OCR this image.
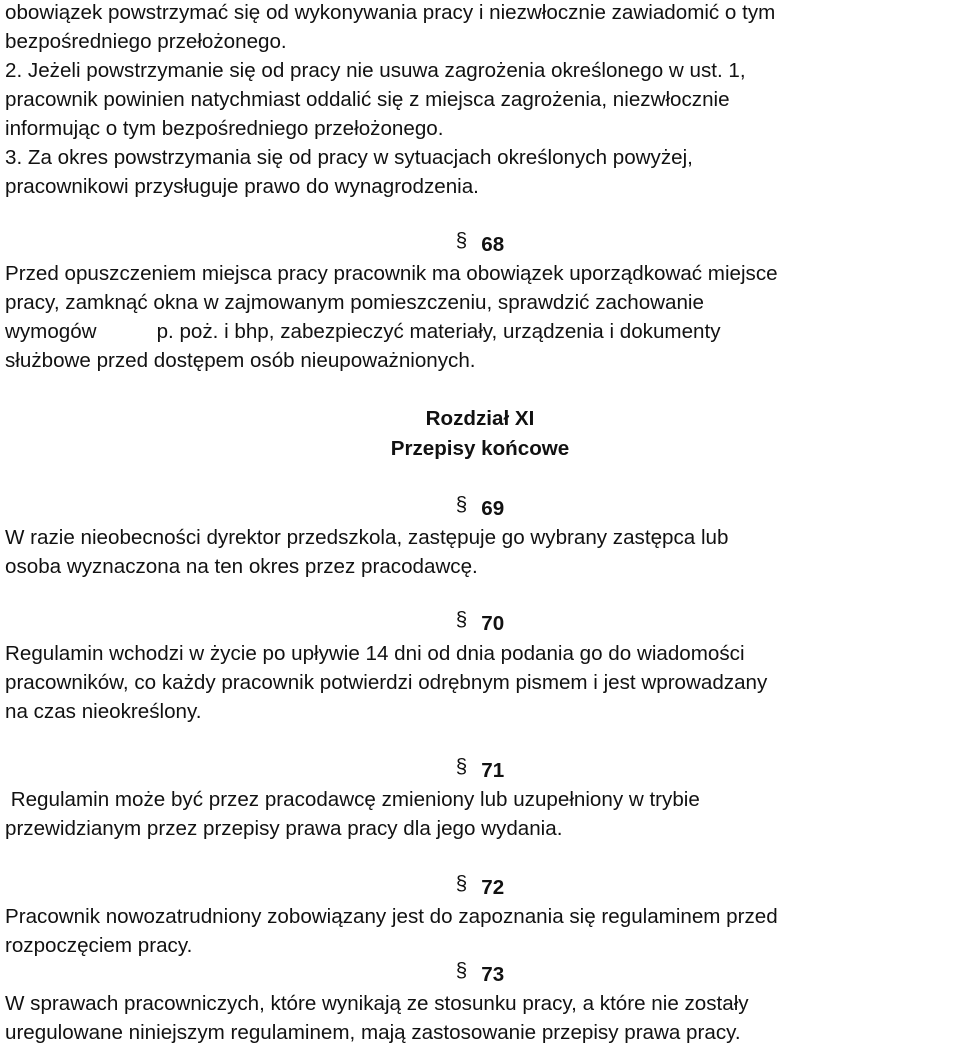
obowiązek powstrzymać się od wykonywania pracy i niezwłocznie zawiadomić o tym
bezpośredniego przełożonego.
2. Jeżeli powstrzymanie się od pracy nie usuwa zagrożenia określonego w ust. 1,
pracownik powinien natychmiast oddalić się z miejsca zagrożenia, niezwłocznie
informując o tym bezpośredniego przełożonego.
3. Za okres powstrzymania się od pracy w sytuacjach określonych powyżej,
pracownikowi przysługuje prawo do wynagrodzenia.
§ 68
Przed opuszczeniem miejsca pracy pracownik ma obowiązek uporządkować miejsce
pracy, zamknąć okna w zajmowanym pomieszczeniu, sprawdzić zachowanie
wymogów	p. poż. i bhp, zabezpieczyć materiały, urządzenia i dokumenty
służbowe przed dostępem osób nieupoważnionych.
Rozdział XI
Przepisy końcowe
§ 69
W razie nieobecności dyrektor przedszkola, zastępuje go wybrany zastępca lub
osoba wyznaczona na ten okres przez pracodawcę.
§ 70
Regulamin wchodzi w życie po upływie 14 dni od dnia podania go do wiadomości
pracowników, co każdy pracownik potwierdzi odrębnym pismem i jest wprowadzany
na czas nieokreślony.
§ 71
Regulamin może być przez pracodawcę zmieniony lub uzupełniony w trybie
przewidzianym przez przepisy prawa pracy dla jego wydania.
§ 72
Pracownik nowozatrudniony zobowiązany jest do zapoznania się regulaminem przed
rozpoczęciem pracy.
§ 73
W sprawach pracowniczych, które wynikają ze stosunku pracy, a które nie zostały
uregulowane niniejszym regulaminem, mają zastosowanie przepisy prawa pracy.
